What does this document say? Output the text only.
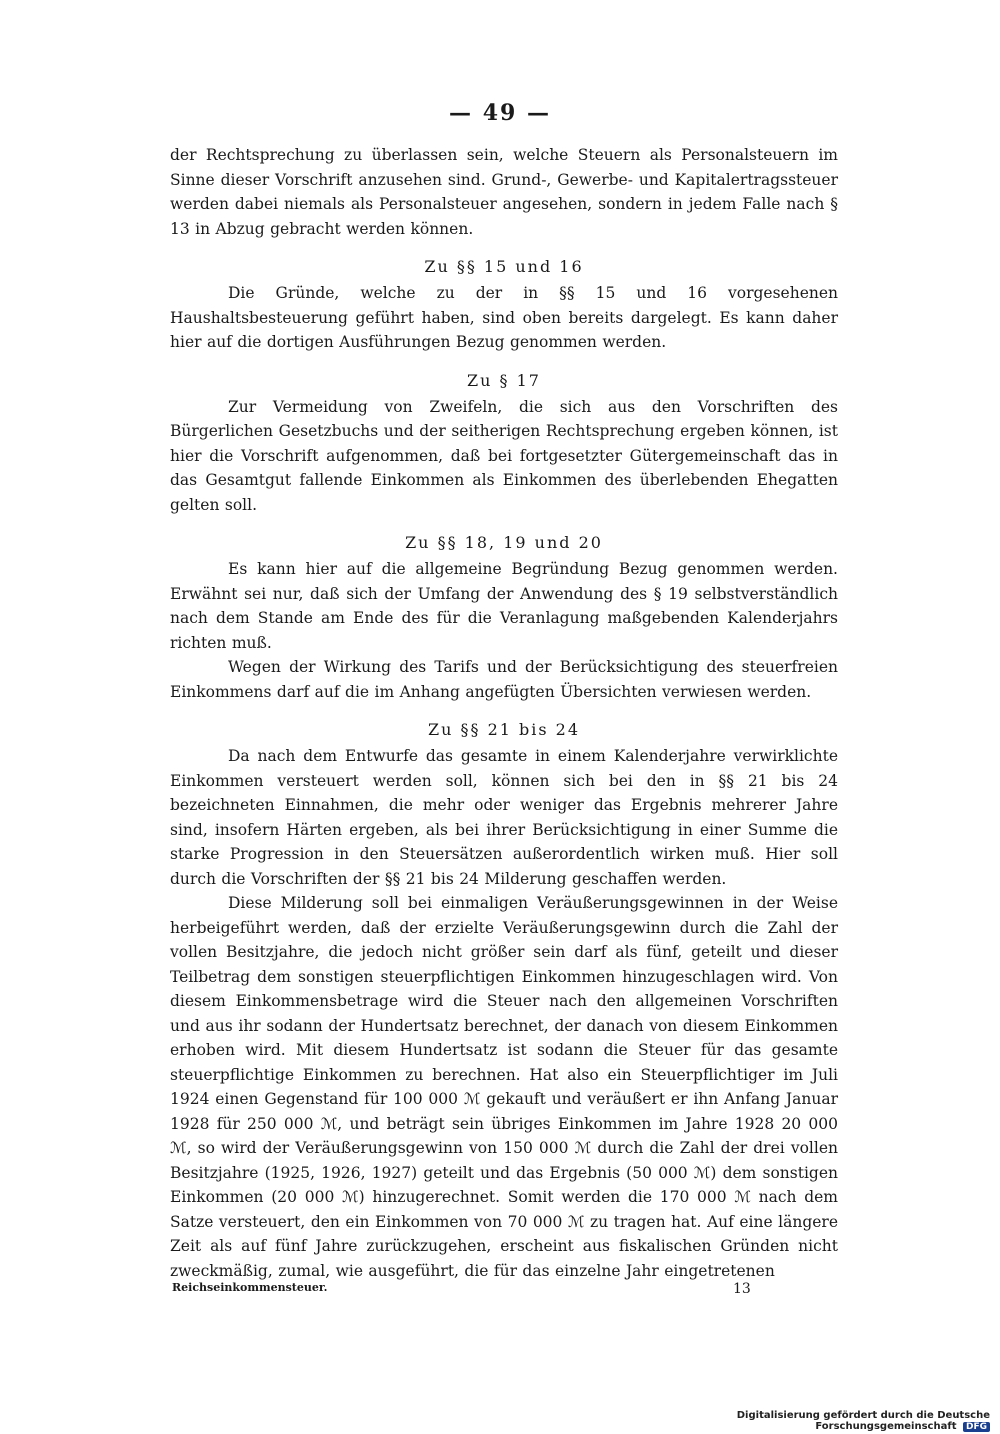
— 49 —

der Rechtsprechung zu überlassen sein, welche Steuern als Personalsteuern im Sinne dieser Vorschrift anzusehen sind. Grund-, Gewerbe- und Kapitalertragssteuer werden dabei niemals als Personalsteuer angesehen, sondern in jedem Falle nach § 13 in Abzug gebracht werden können.

Zu §§ 15 und 16

Die Gründe, welche zu der in §§ 15 und 16 vorgesehenen Haushaltsbesteuerung geführt haben, sind oben bereits dargelegt. Es kann daher hier auf die dortigen Ausführungen Bezug genommen werden.

Zu § 17

Zur Vermeidung von Zweifeln, die sich aus den Vorschriften des Bürgerlichen Gesetzbuchs und der seitherigen Rechtsprechung ergeben können, ist hier die Vorschrift aufgenommen, daß bei fortgesetzter Gütergemeinschaft das in das Gesamtgut fallende Einkommen als Einkommen des überlebenden Ehegatten gelten soll.

Zu §§ 18, 19 und 20

Es kann hier auf die allgemeine Begründung Bezug genommen werden. Erwähnt sei nur, daß sich der Umfang der Anwendung des § 19 selbstverständlich nach dem Stande am Ende des für die Veranlagung maßgebenden Kalenderjahrs richten muß.

Wegen der Wirkung des Tarifs und der Berücksichtigung des steuerfreien Einkommens darf auf die im Anhang angefügten Übersichten verwiesen werden.

Zu §§ 21 bis 24

Da nach dem Entwurfe das gesamte in einem Kalenderjahre verwirklichte Einkommen versteuert werden soll, können sich bei den in §§ 21 bis 24 bezeichneten Einnahmen, die mehr oder weniger das Ergebnis mehrerer Jahre sind, insofern Härten ergeben, als bei ihrer Berücksichtigung in einer Summe die starke Progression in den Steuersätzen außerordentlich wirken muß. Hier soll durch die Vorschriften der §§ 21 bis 24 Milderung geschaffen werden.

Diese Milderung soll bei einmaligen Veräußerungsgewinnen in der Weise herbeigeführt werden, daß der erzielte Veräußerungsgewinn durch die Zahl der vollen Besitzjahre, die jedoch nicht größer sein darf als fünf, geteilt und dieser Teilbetrag dem sonstigen steuerpflichtigen Einkommen hinzugeschlagen wird. Von diesem Einkommensbetrage wird die Steuer nach den allgemeinen Vorschriften und aus ihr sodann der Hundertsatz berechnet, der danach von diesem Einkommen erhoben wird. Mit diesem Hundertsatz ist sodann die Steuer für das gesamte steuerpflichtige Einkommen zu berechnen. Hat also ein Steuerpflichtiger im Juli 1924 einen Gegenstand für 100 000 ℳ gekauft und veräußert er ihn Anfang Januar 1928 für 250 000 ℳ, und beträgt sein übriges Einkommen im Jahre 1928 20 000 ℳ, so wird der Veräußerungsgewinn von 150 000 ℳ durch die Zahl der drei vollen Besitzjahre (1925, 1926, 1927) geteilt und das Ergebnis (50 000 ℳ) dem sonstigen Einkommen (20 000 ℳ) hinzugerechnet. Somit werden die 170 000 ℳ nach dem Satze versteuert, den ein Einkommen von 70 000 ℳ zu tragen hat. Auf eine längere Zeit als auf fünf Jahre zurückzugehen, erscheint aus fiskalischen Gründen nicht zweckmäßig, zumal, wie ausgeführt, die für das einzelne Jahr eingetretenen

Reichseinkommensteuer.	13
Digitalisierung gefördert durch die Deutsche Forschungsgemeinschaft DFG
